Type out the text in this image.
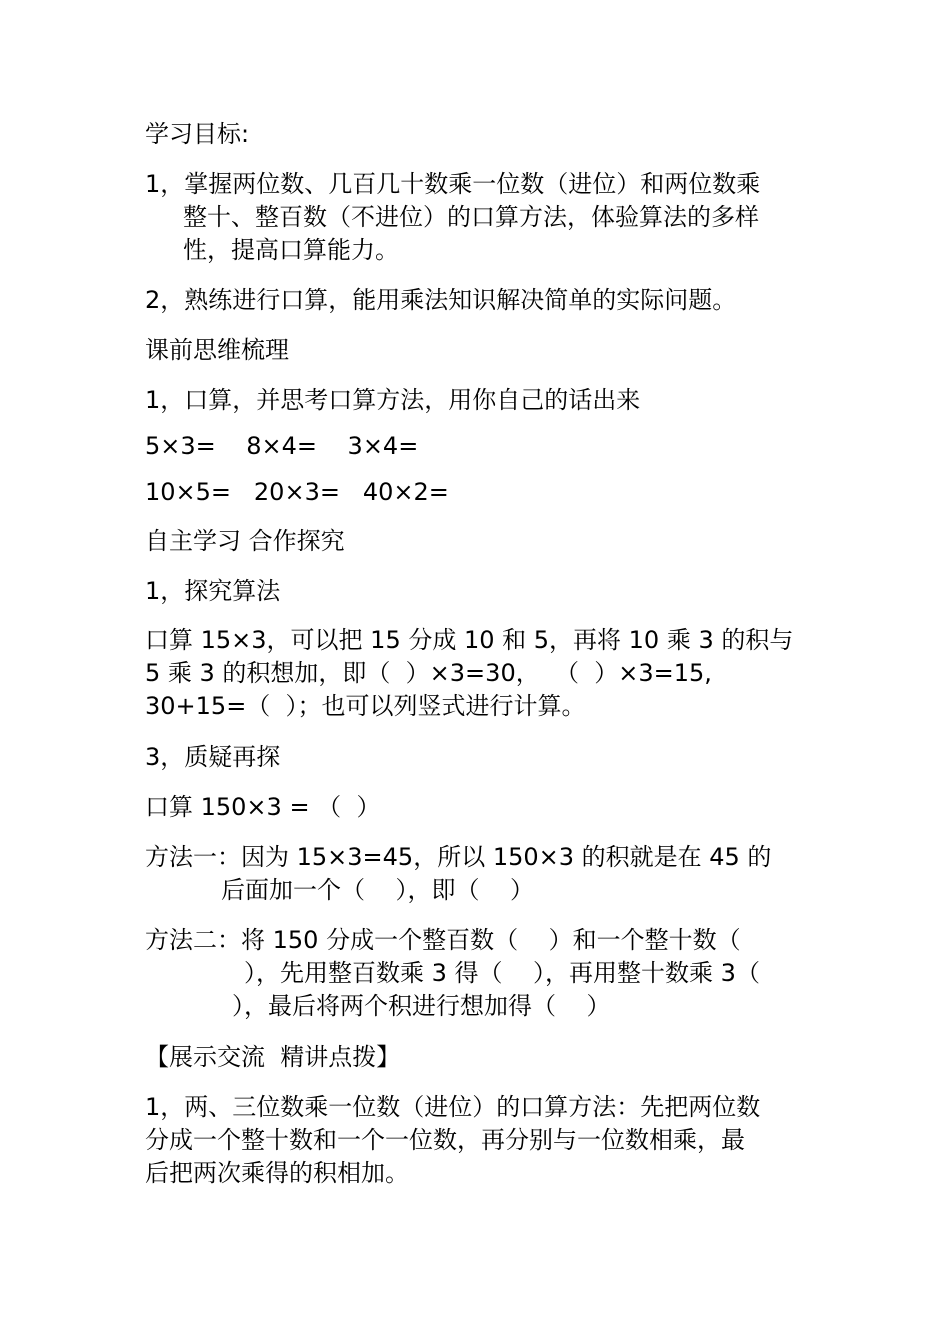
学习目标:

1，掌握两位数、几百几十数乘一位数（进位）和两位数乘

整十、整百数（不进位）的口算方法，体验算法的多样

性，提高口算能力。

2，熟练进行口算，能用乘法知识解决简单的实际问题。

课前思维梳理

1，口算，并思考口算方法，用你自己的话出来

5×3=    8×4=    3×4=

10×5=   20×3=   40×2=

自主学习 合作探究

1，探究算法

口算 15×3，可以把 15 分成 10 和 5，再将 10 乘 3 的积与

5 乘 3 的积想加，即（  ）×3=30，  （  ）×3=15,

30+15=（  ）；也可以列竖式进行计算。

3，质疑再探

口算 150×3 = （  ）

方法一：因为 15×3=45，所以 150×3 的积就是在 45 的

后面加一个（    ），即（    ）

方法二：将 150 分成一个整百数（    ）和一个整十数（

），先用整百数乘 3 得（    ），再用整十数乘 3（

），最后将两个积进行想加得（    ）

【展示交流  精讲点拨】

1，两、三位数乘一位数（进位）的口算方法：先把两位数

分成一个整十数和一个一位数，再分别与一位数相乘，最

后把两次乘得的积相加。
